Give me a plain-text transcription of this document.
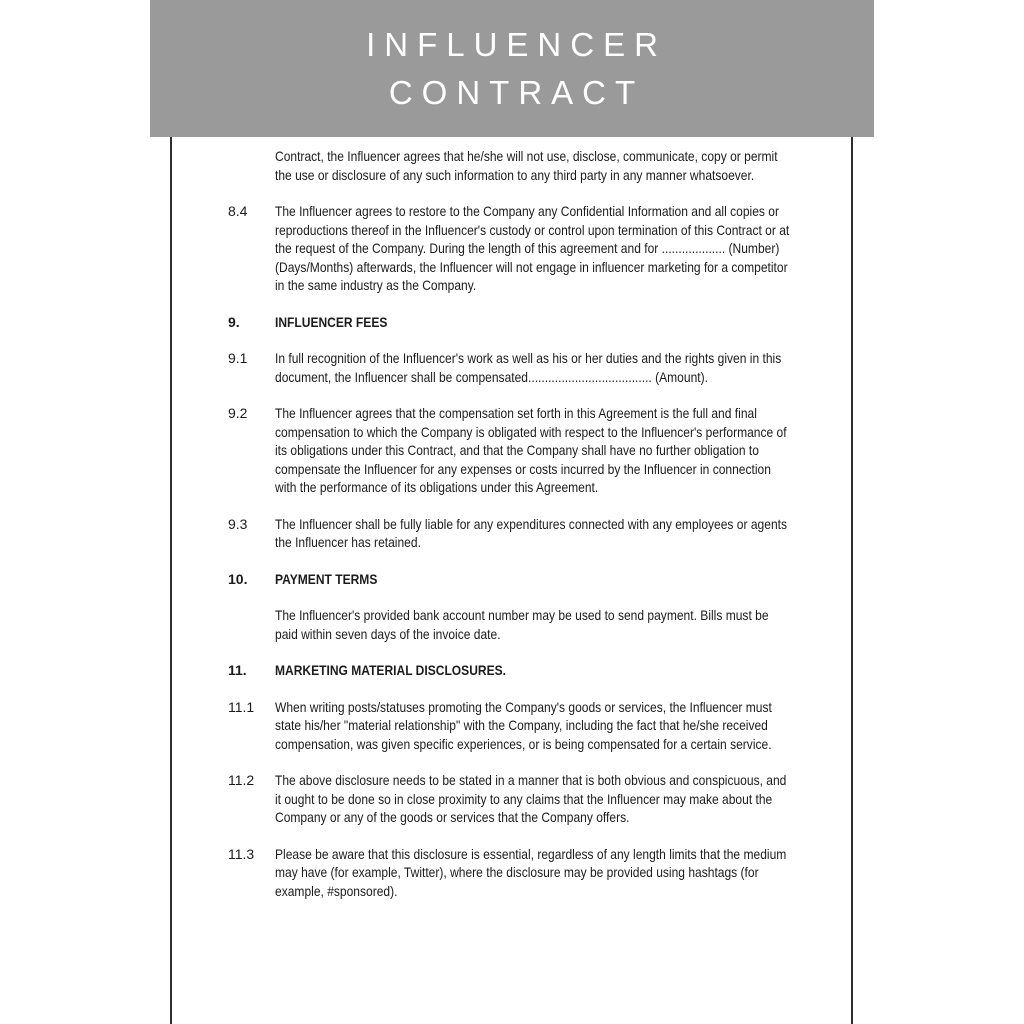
INFLUENCER
CONTRACT
Contract, the Influencer agrees that he/she will not use, disclose, communicate, copy or permit the use or disclosure of any such information to any third party in any manner whatsoever.
8.4	The Influencer agrees to restore to the Company any Confidential Information and all copies or reproductions thereof in the Influencer's custody or control upon termination of this Contract or at the request of the Company. During the length of this agreement and for ................... (Number) (Days/Months) afterwards, the Influencer will not engage in influencer marketing for a competitor in the same industry as the Company.
9.	INFLUENCER FEES
9.1	In full recognition of the Influencer's work as well as his or her duties and the rights given in this document, the Influencer shall be compensated..................................... (Amount).
9.2	The Influencer agrees that the compensation set forth in this Agreement is the full and final compensation to which the Company is obligated with respect to the Influencer's performance of its obligations under this Contract, and that the Company shall have no further obligation to compensate the Influencer for any expenses or costs incurred by the Influencer in connection with the performance of its obligations under this Agreement.
9.3	The Influencer shall be fully liable for any expenditures connected with any employees or agents the Influencer has retained.
10.	PAYMENT TERMS
The Influencer's provided bank account number may be used to send payment. Bills must be paid within seven days of the invoice date.
11.	MARKETING MATERIAL DISCLOSURES.
11.1	When writing posts/statuses promoting the Company's goods or services, the Influencer must state his/her "material relationship" with the Company, including the fact that he/she received compensation, was given specific experiences, or is being compensated for a certain service.
11.2	The above disclosure needs to be stated in a manner that is both obvious and conspicuous, and it ought to be done so in close proximity to any claims that the Influencer may make about the Company or any of the goods or services that the Company offers.
11.3	Please be aware that this disclosure is essential, regardless of any length limits that the medium may have (for example, Twitter), where the disclosure may be provided using hashtags (for example, #sponsored).
